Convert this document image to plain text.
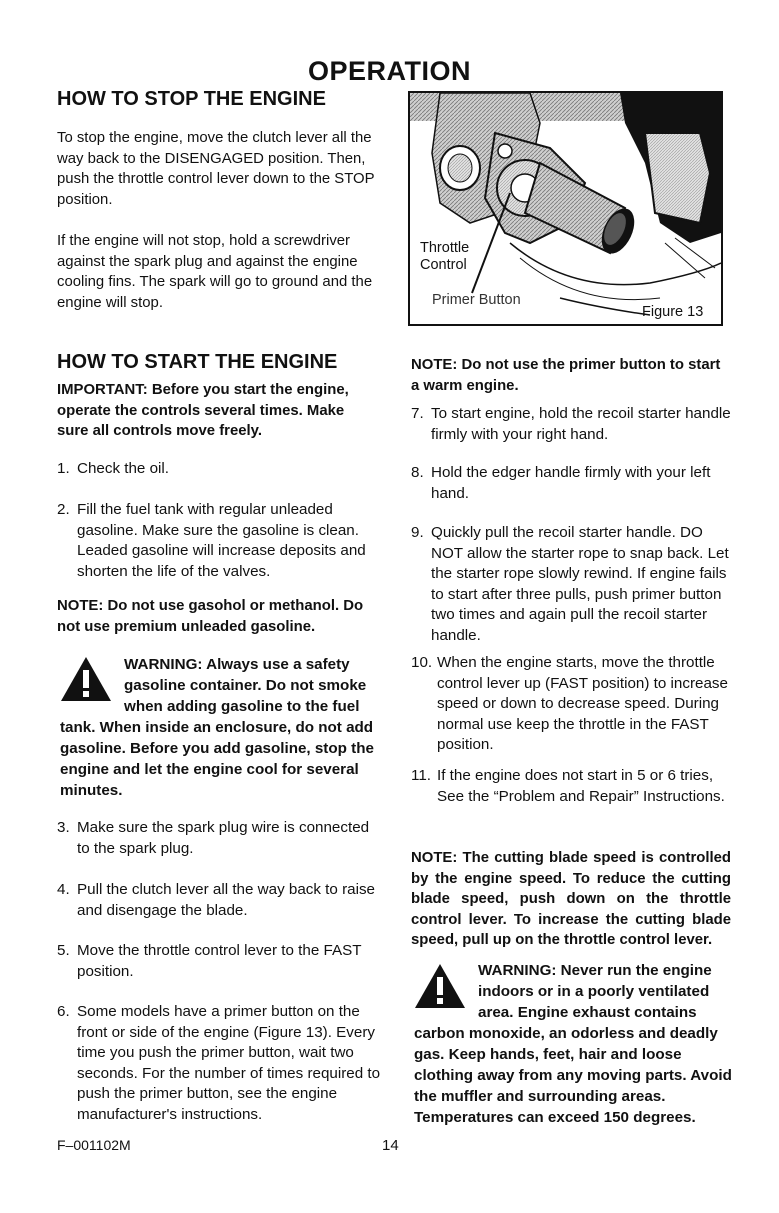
OPERATION
HOW TO STOP THE ENGINE
To stop the engine, move the clutch lever all the way back to the DISENGAGED position. Then, push the throttle control lever down to the STOP position.
If the engine will not stop, hold a screwdriver against the spark plug and against the engine cooling fins. The spark will go to ground and the engine will stop.
Throttle
Control
Primer Button
Figure 13
HOW TO START THE ENGINE
IMPORTANT: Before you start the engine, operate the controls several times. Make sure all controls move freely.
1. Check the oil.
2. Fill the fuel tank with regular unleaded gasoline. Make sure the gasoline is clean. Leaded gasoline will increase deposits and shorten the life of the valves.
NOTE: Do not use gasohol or methanol. Do not use premium unleaded gasoline.
WARNING: Always use a safety gasoline container. Do not smoke when adding gasoline to the fuel tank. When inside an enclosure, do not add gasoline. Before you add gasoline, stop the engine and let the engine cool for several minutes.
3. Make sure the spark plug wire is connected to the spark plug.
4. Pull the clutch lever all the way back to raise and disengage the blade.
5. Move the throttle control lever to the FAST position.
6. Some models have a primer button on the front or side of the engine (Figure 13). Every time you push the primer button, wait two seconds. For the number of times required to push the primer button, see the engine manufacturer's instructions.
NOTE: Do not use the primer button to start a warm engine.
7. To start engine, hold the recoil starter handle firmly with your right hand.
8. Hold the edger handle firmly with your left hand.
9. Quickly pull the recoil starter handle. DO NOT allow the starter rope to snap back. Let the starter rope slowly rewind. If engine fails to start after three pulls, push primer button two times and again pull the recoil starter handle.
10. When the engine starts, move the throttle control lever up (FAST position) to increase speed or down to decrease speed. During normal use keep the throttle in the FAST position.
11. If the engine does not start in 5 or 6 tries, See the “Problem and Repair” Instructions.
NOTE: The cutting blade speed is controlled by the engine speed. To reduce the cutting blade speed, push down on the throttle control lever. To increase the cutting blade speed, pull up on the throttle control lever.
WARNING: Never run the engine indoors or in a poorly ventilated area. Engine exhaust contains carbon monoxide, an odorless and deadly gas. Keep hands, feet, hair and loose clothing away from any moving parts. Avoid the muffler and surrounding areas. Temperatures can exceed 150 degrees.
F–001102M	14
